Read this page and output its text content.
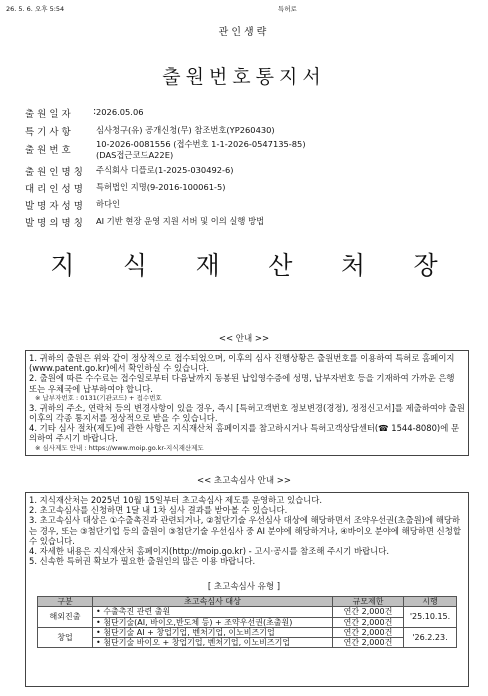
26. 5. 6. 오후 5:54	특허로
관인생략
출원번호통지서
출원일자	: 2026.05.06
특기사항	심사청구(유) 공개신청(무) 참조번호(YP260430)
출원번호
10-2026-0081556 (접수번호 1-1-2026-0547135-85)
(DAS접근코드A22E)
출원인명칭	주식회사 디플로(1-2025-030492-6)
대리인성명	특허법인 지명(9-2016-100061-5)
발명자성명	하다인
발명의명칭	AI 기반 현장 운영 지원 서버 및 이의 실행 방법
지 식 재 산 처 장
<< 안내 >>

1. 귀하의 출원은 위와 같이 정상적으로 접수되었으며, 이후의 심사 진행상황은 출원번호를 이용하여 특허로 홈페이지(www.patent.go.kr)에서 확인하실 수 있습니다.

2. 출원에 따른 수수료는 접수일로부터 다음날까지 동봉된 납입영수증에 성명, 납부자번호 등을 기재하여 가까운 은행 또는 우체국에 납부하여야 합니다.

※ 납부자번호 : 0131(기관코드) + 접수번호

3. 귀하의 주소, 연락처 등의 변경사항이 있을 경우, 즉시 [특허고객번호 정보변경(경정), 정정신고서]를 제출하여야 출원 이후의 각종 통지서를 정상적으로 받을 수 있습니다.

4. 기타 심사 절차(제도)에 관한 사항은 지식재산처 홈페이지를 참고하시거나 특허고객상담센터(☎ 1544-8080)에 문의하여 주시기 바랍니다.

※ 심사제도 안내 : https://www.moip.go.kr-지식재산제도

<< 초고속심사 안내 >>

1. 지식재산처는 2025년 10월 15일부터 초고속심사 제도를 운영하고 있습니다.

2. 초고속심사를 신청하면 1달 내 1차 심사 결과를 받아볼 수 있습니다.

3. 초고속심사 대상은 ①수출촉진과 관련되거나, ②첨단기술 우선심사 대상에 해당하면서 조약우선권(초출원)에 해당하는 경우, 또는 ③첨단기업 등의 출원이 ③첨단기술 우선심사 중 AI 분야에 해당하거나, ④바이오 분야에 해당하면 신청할 수 있습니다.

4. 자세한 내용은 지식재산처 홈페이지(http://moip.go.kr) - 고시·공시를 참조해 주시기 바랍니다.

5. 신속한 특허권 확보가 필요한 출원인의 많은 이용 바랍니다.

[ 초고속심사 유형 ]
구분	초고속심사 대상	규모제한	시행
해외진출	• 수출촉진 관련 출원	연간 2,000건	'25.10.15.
	• 첨단기술(AI, 바이오,반도체 등) + 조약우선권(초출원)	연간 2,000건	
창업	• 첨단기술 AI + 창업기업, 벤처기업, 이노비즈기업	연간 2,000건	'26.2.23.
	• 첨단기술 바이오 + 창업기업, 벤처기업, 이노비즈기업	연간 2,000건	
